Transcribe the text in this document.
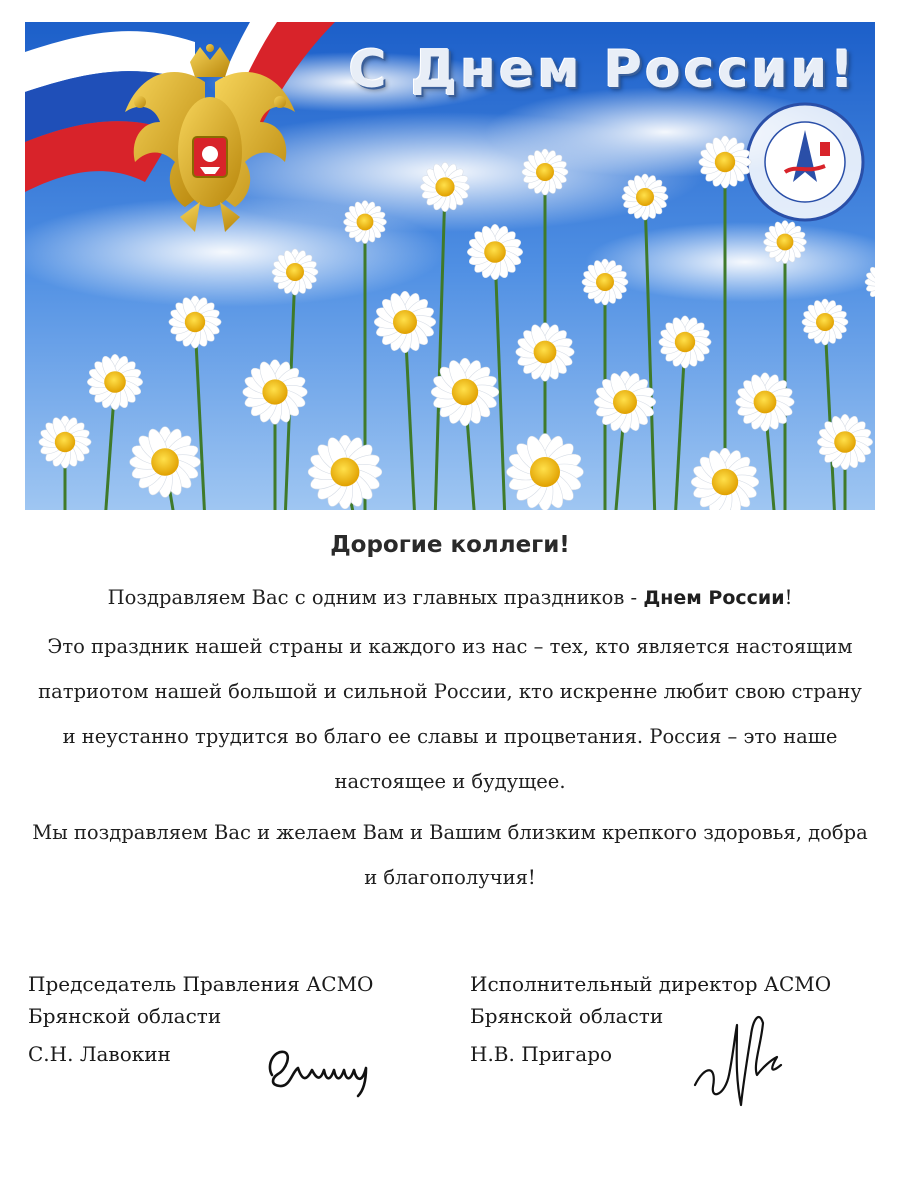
С Днем России!
Дорогие коллеги!
Поздравляем Вас с одним из главных праздников - Днем России!
Это праздник нашей страны и каждого из нас – тех, кто является настоящим патриотом нашей большой и сильной России, кто искренне любит свою страну и неустанно трудится во благо ее славы и процветания. Россия – это наше настоящее и будущее.
Мы поздравляем Вас и желаем Вам и Вашим близким крепкого здоровья, добра и благополучия!
Председатель Правления АСМО
Брянской области
С.Н. Лавокин
Исполнительный директор АСМО
Брянской области
Н.В. Пригаро
